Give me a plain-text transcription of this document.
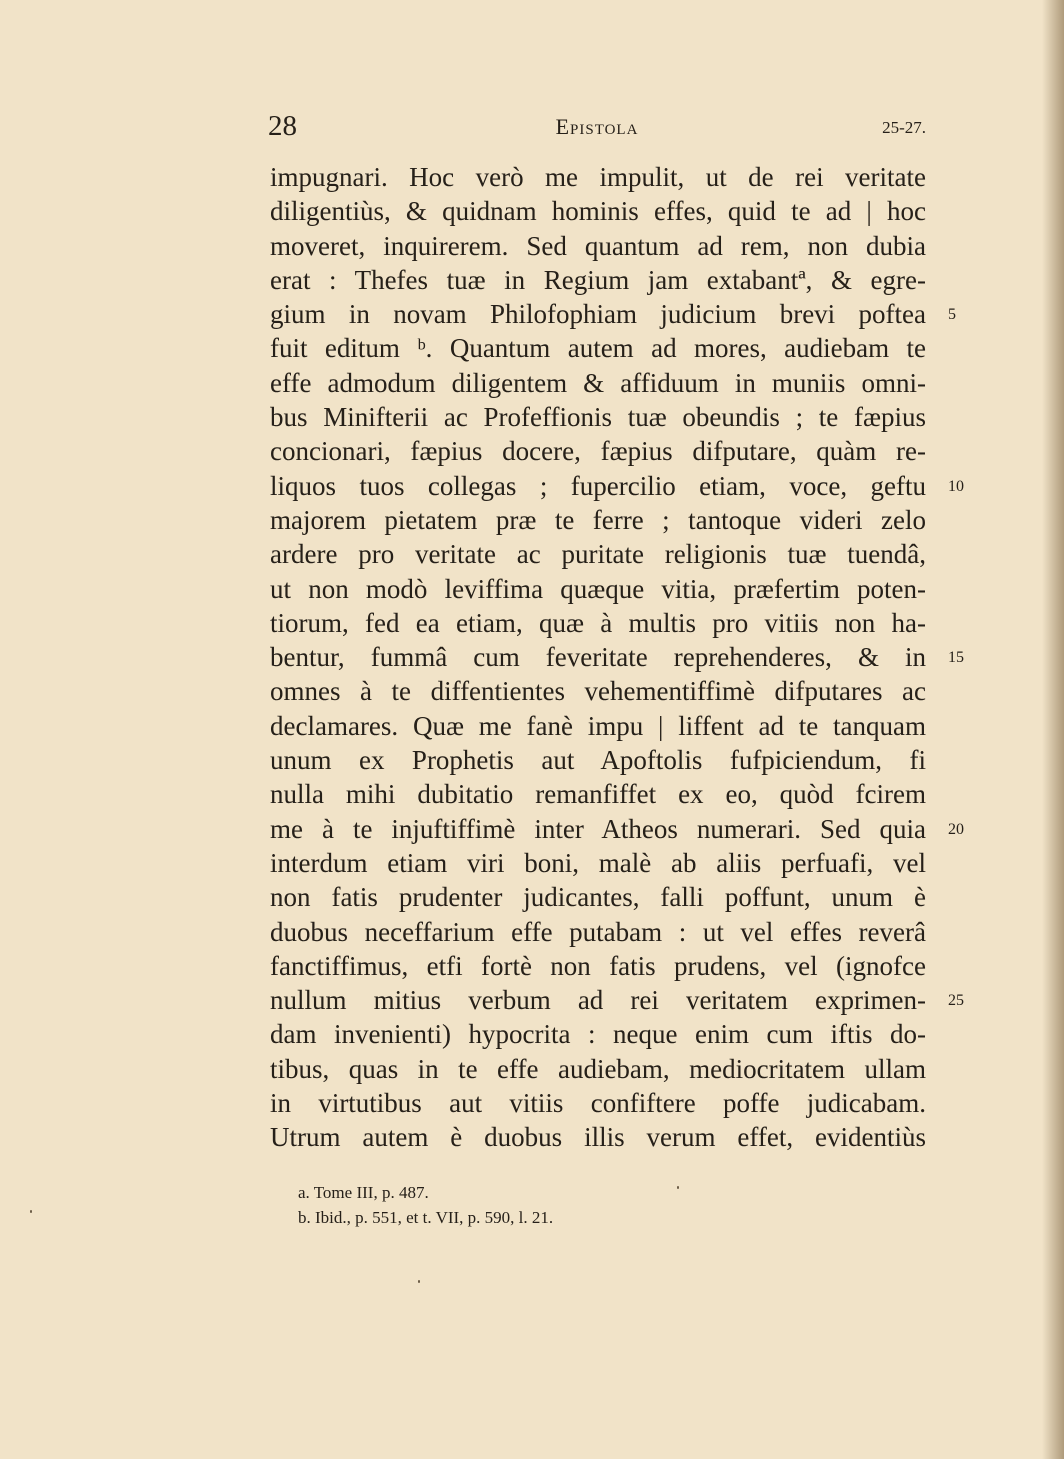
28	Epistola	25-27.
impugnari. Hoc verò me impulit, ut de rei veritate
diligentiùs, & quidnam hominis effes, quid te ad | hoc
moveret, inquirerem. Sed quantum ad rem, non dubia
erat : Thefes tuæ in Regium jam extabantª, & egre-
gium in novam Philofophiam judicium brevi poftea
fuit editum ᵇ. Quantum autem ad mores, audiebam te
effe admodum diligentem & affiduum in muniis omni-
bus Minifterii ac Profeffionis tuæ obeundis ; te fæpius
concionari, fæpius docere, fæpius difputare, quàm re-
liquos tuos collegas ; fupercilio etiam, voce, geftu
majorem pietatem præ te ferre ; tantoque videri zelo
ardere pro veritate ac puritate religionis tuæ tuendâ,
ut non modò leviffima quæque vitia, præfertim poten-
tiorum, fed ea etiam, quæ à multis pro vitiis non ha-
bentur, fummâ cum feveritate reprehenderes, & in
omnes à te diffentientes vehementiffimè difputares ac
declamares. Quæ me fanè impu | liffent ad te tanquam
unum ex Prophetis aut Apoftolis fufpiciendum, fi
nulla mihi dubitatio remanfiffet ex eo, quòd fcirem
me à te injuftiffimè inter Atheos numerari. Sed quia
interdum etiam viri boni, malè ab aliis perfuafi, vel
non fatis prudenter judicantes, falli poffunt, unum è
duobus neceffarium effe putabam : ut vel effes reverâ
fanctiffimus, etfi fortè non fatis prudens, vel (ignofce
nullum mitius verbum ad rei veritatem exprimen-
dam invenienti) hypocrita : neque enim cum iftis do-
tibus, quas in te effe audiebam, mediocritatem ullam
in virtutibus aut vitiis confiftere poffe judicabam.
Utrum autem è duobus illis verum effet, evidentiùs
5
10
15
20
25
a. Tome III, p. 487.
b. Ibid., p. 551, et t. VII, p. 590, l. 21.
